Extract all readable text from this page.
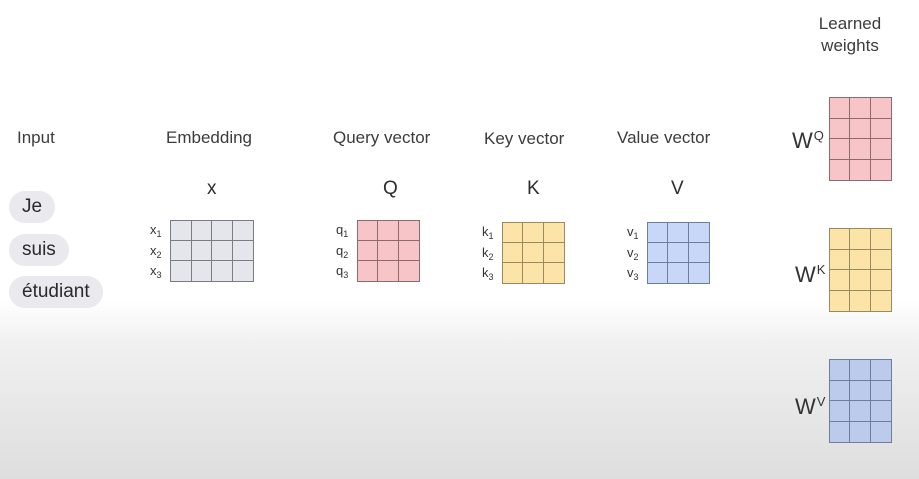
Input	Embedding	Query vector	Key vector	Value vector
Learned
weights
x	Q	K	V
Je
suis
étudiant
$x_1$
$x_2$
$x_3$
$q_1$
$q_2$
$q_3$
$k_1$
$k_2$
$k_3$
$v_1$
$v_2$
$v_3$
$W^Q$
$W^K$
$W^V$
